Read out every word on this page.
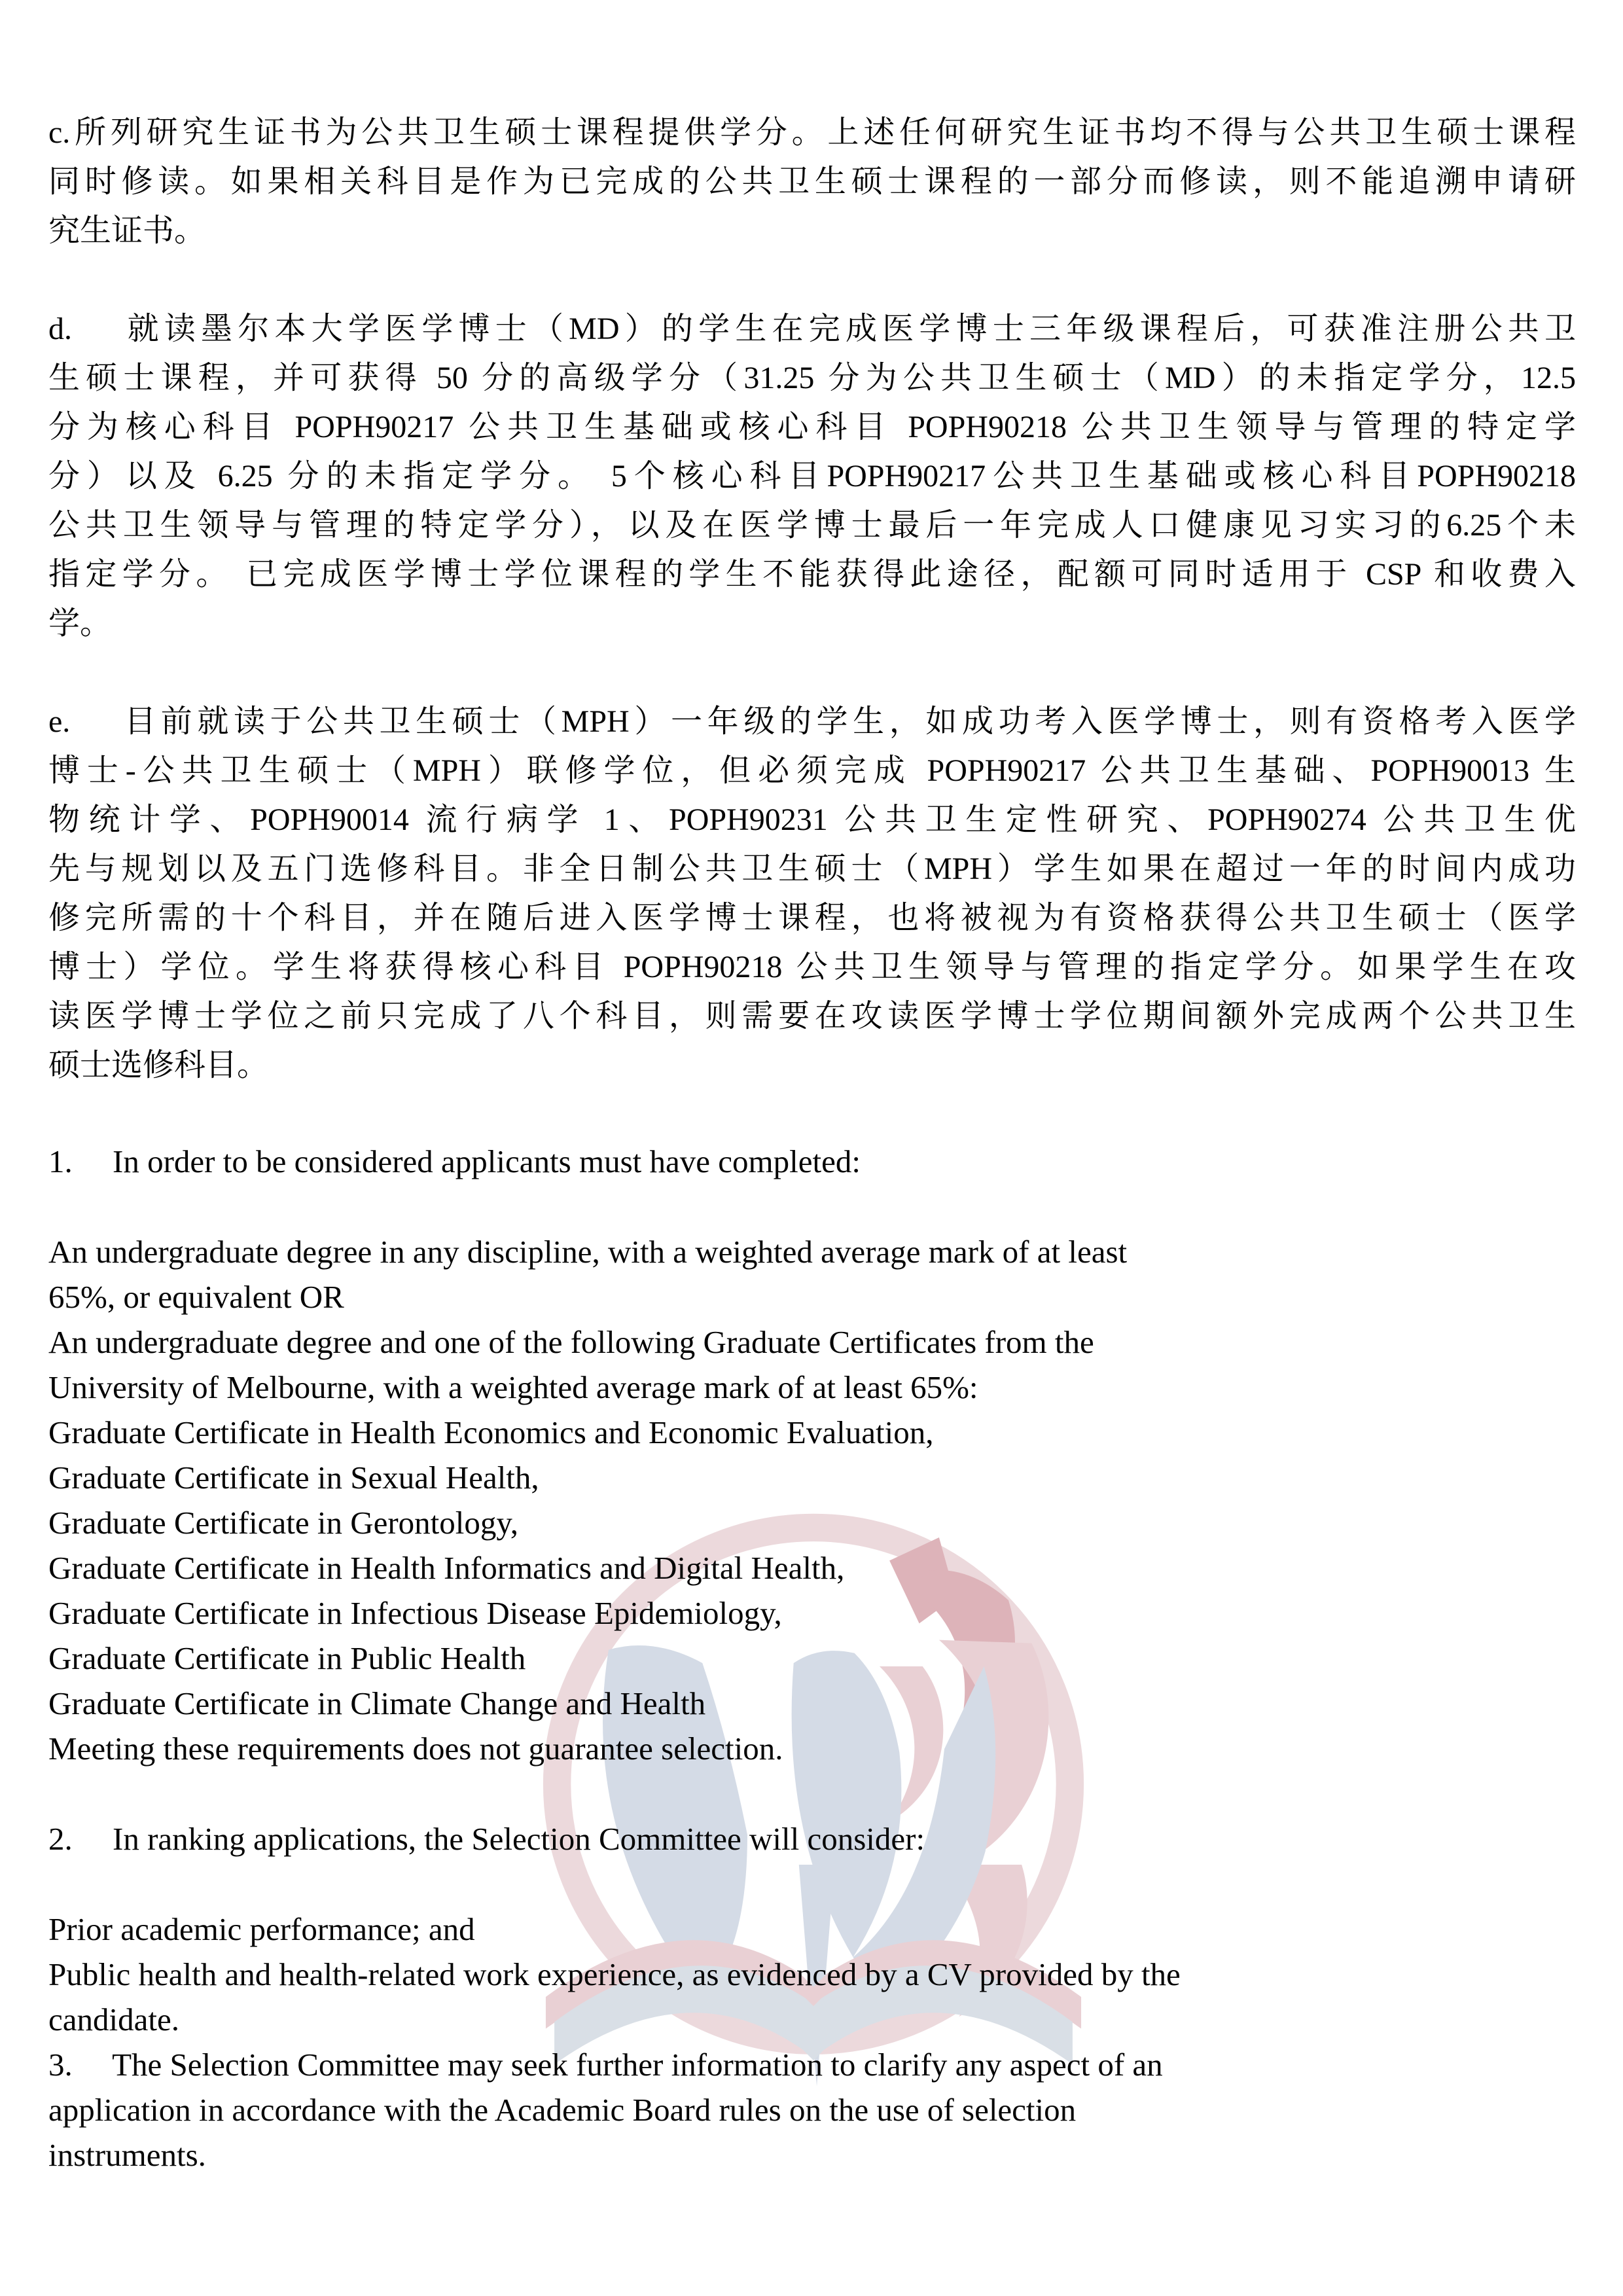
c.所列研究生证书为公共卫生硕士课程提供学分。上述任何研究生证书均不得与公共卫生硕士课程
同时修读。如果相关科目是作为已完成的公共卫生硕士课程的一部分而修读，则不能追溯申请研
究生证书。
d.　 就读墨尔本大学医学博士（MD）的学生在完成医学博士三年级课程后，可获准注册公共卫
生硕士课程，并可获得 50 分的高级学分（31.25 分为公共卫生硕士（MD）的未指定学分，12.5
分为核心科目 POPH90217 公共卫生基础或核心科目 POPH90218 公共卫生领导与管理的特定学
分）以及 6.25 分的未指定学分。 5个核心科目POPH90217公共卫生基础或核心科目POPH90218
公共卫生领导与管理的特定学分），以及在医学博士最后一年完成人口健康见习实习的6.25个未
指定学分。 已完成医学博士学位课程的学生不能获得此途径，配额可同时适用于 CSP 和收费入
学。
e.　 目前就读于公共卫生硕士（MPH）一年级的学生，如成功考入医学博士，则有资格考入医学
博士-公共卫生硕士（MPH）联修学位，但必须完成 POPH90217 公共卫生基础、POPH90013 生
物统计学、POPH90014 流行病学 1、POPH90231 公共卫生定性研究、POPH90274 公共卫生优
先与规划以及五门选修科目。非全日制公共卫生硕士（MPH）学生如果在超过一年的时间内成功
修完所需的十个科目，并在随后进入医学博士课程，也将被视为有资格获得公共卫生硕士（医学
博士）学位。学生将获得核心科目 POPH90218 公共卫生领导与管理的指定学分。如果学生在攻
读医学博士学位之前只完成了八个科目，则需要在攻读医学博士学位期间额外完成两个公共卫生
硕士选修科目。
1.     In order to be considered applicants must have completed:
An undergraduate degree in any discipline, with a weighted average mark of at least
65%, or equivalent OR
An undergraduate degree and one of the following Graduate Certificates from the
University of Melbourne, with a weighted average mark of at least 65%:
Graduate Certificate in Health Economics and Economic Evaluation,
Graduate Certificate in Sexual Health,
Graduate Certificate in Gerontology,
Graduate Certificate in Health Informatics and Digital Health,
Graduate Certificate in Infectious Disease Epidemiology,
Graduate Certificate in Public Health
Graduate Certificate in Climate Change and Health
Meeting these requirements does not guarantee selection.
2.     In ranking applications, the Selection Committee will consider:
Prior academic performance; and
Public health and health-related work experience, as evidenced by a CV provided by the
candidate.
3.     The Selection Committee may seek further information to clarify any aspect of an
application in accordance with the Academic Board rules on the use of selection
instruments.
